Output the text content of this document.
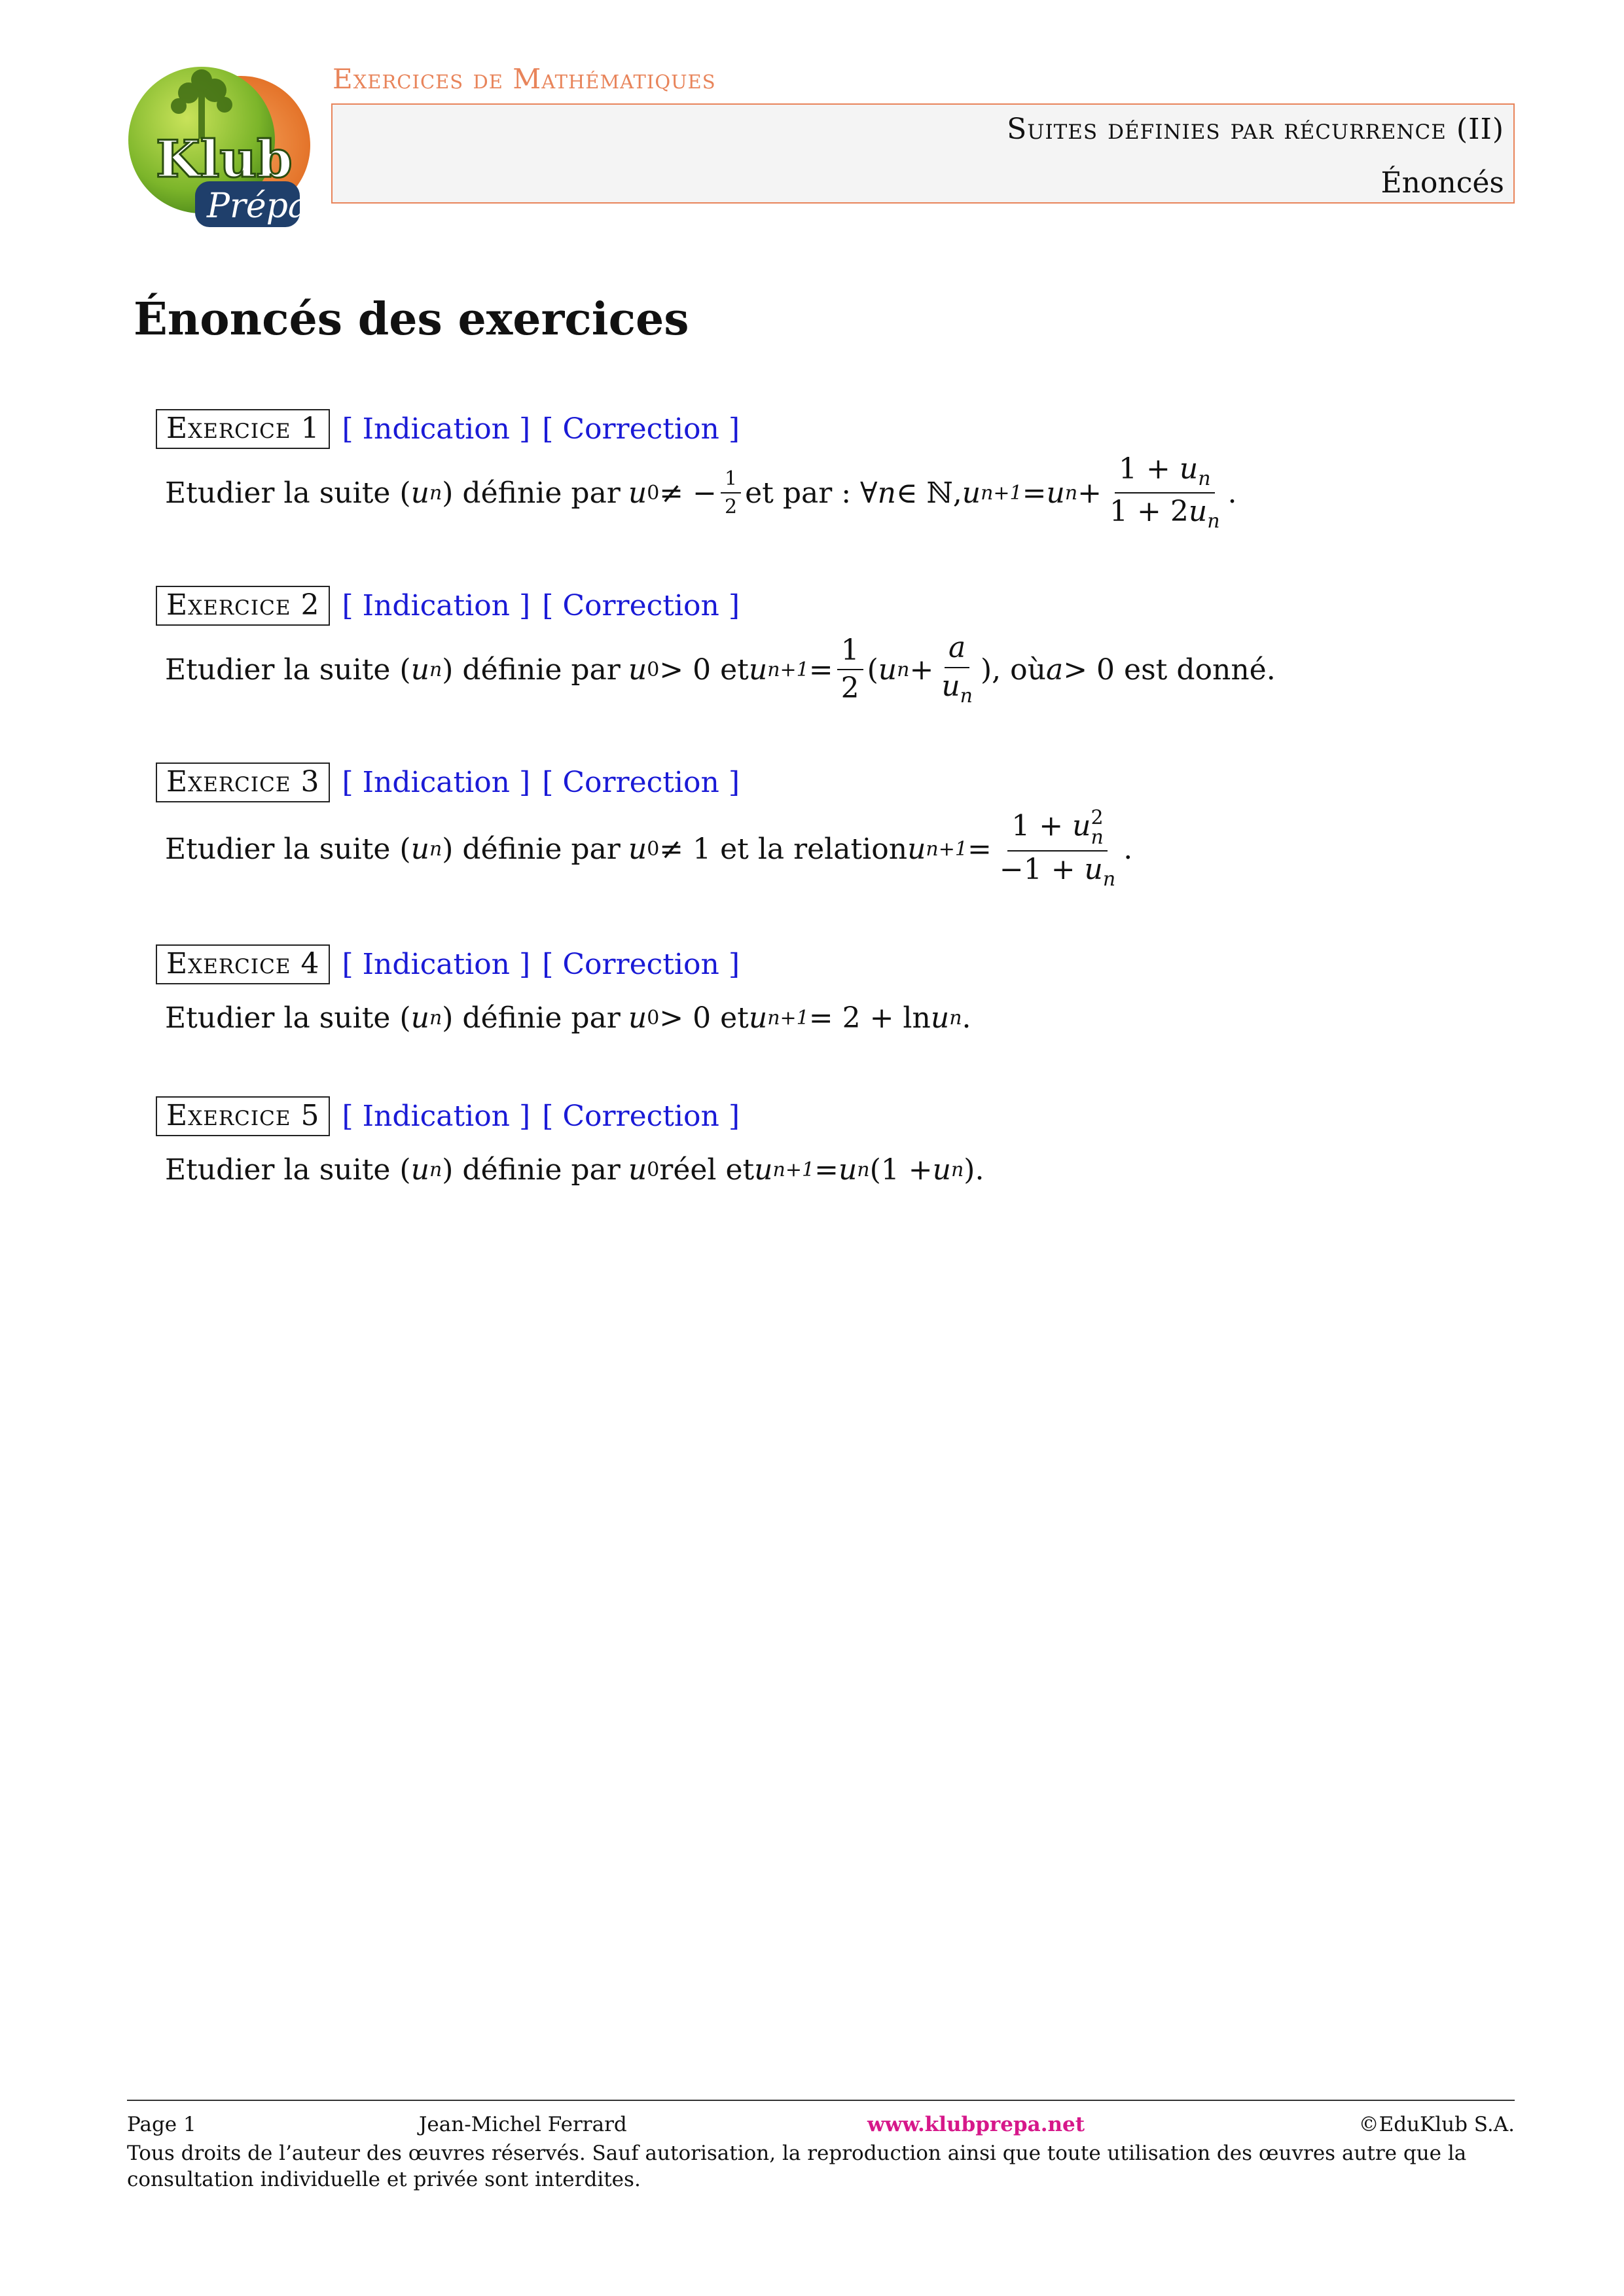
Klub
Prépa
Exercices de Mathématiques
Suites définies par récurrence (II)
Énoncés
Énoncés des exercices
Exercice 1 [ Indication ] [ Correction ]
Etudier la suite ( u n ) définie par u 0 ≠ − $\frac{1}{2}$ et par : ∀ n ∈ ℕ, u n+1 = u $n + \frac{1 + u_n}{1 + 2u_n}$ .
Exercice 2 [ Indication ] [ Correction ]
Etudier la suite ( u n ) définie par u 0 > 0 et u $n+1 = \frac{1}{2}$ ( u $n + \frac{a}{u_n}$ ), où a > 0 est donné.
Exercice 3 [ Indication ] [ Correction ]
Etudier la suite ( u n ) définie par u 0 ≠ 1 et la relation u n+1 = 1 + u 2
n
$-1 + u_n$ .
Exercice 4 [ Indication ] [ Correction ]
Etudier la suite ( u n ) définie par u 0 > 0 et u n+1 = 2 + ln u n .
Exercice 5 [ Indication ] [ Correction ]
Etudier la suite ( u n ) définie par u 0 réel et u n+1 = u n (1 + u n ).
Page 1	Jean-Michel Ferrard	www.klubprepa.net	©EduKlub S.A.
Tous droits de l’auteur des œuvres réservés. Sauf autorisation, la reproduction ainsi que toute utilisation des œuvres autre que la consultation individuelle et privée sont interdites.
